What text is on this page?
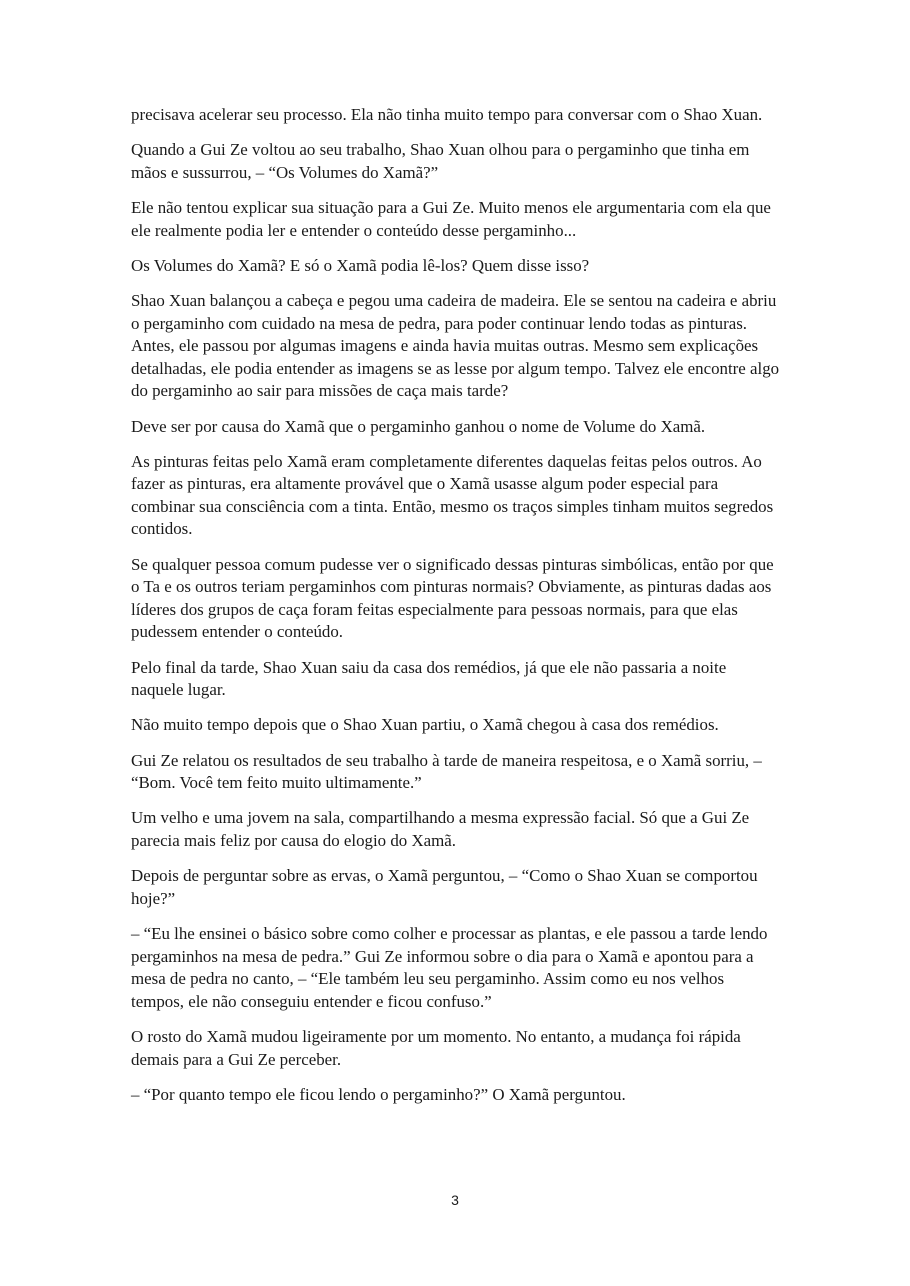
precisava acelerar seu processo. Ela não tinha muito tempo para conversar com o Shao Xuan.

Quando a Gui Ze voltou ao seu trabalho, Shao Xuan olhou para o pergaminho que tinha em mãos e sussurrou, – “Os Volumes do Xamã?”

Ele não tentou explicar sua situação para a Gui Ze. Muito menos ele argumentaria com ela que ele realmente podia ler e entender o conteúdo desse pergaminho...

Os Volumes do Xamã? E só o Xamã podia lê-los? Quem disse isso?

Shao Xuan balançou a cabeça e pegou uma cadeira de madeira. Ele se sentou na cadeira e abriu o pergaminho com cuidado na mesa de pedra, para poder continuar lendo todas as pinturas. Antes, ele passou por algumas imagens e ainda havia muitas outras. Mesmo sem explicações detalhadas, ele podia entender as imagens se as lesse por algum tempo. Talvez ele encontre algo do pergaminho ao sair para missões de caça mais tarde?

Deve ser por causa do Xamã que o pergaminho ganhou o nome de Volume do Xamã.

As pinturas feitas pelo Xamã eram completamente diferentes daquelas feitas pelos outros. Ao fazer as pinturas, era altamente provável que o Xamã usasse algum poder especial para combinar sua consciência com a tinta. Então, mesmo os traços simples tinham muitos segredos contidos.

Se qualquer pessoa comum pudesse ver o significado dessas pinturas simbólicas, então por que o Ta e os outros teriam pergaminhos com pinturas normais? Obviamente, as pinturas dadas aos líderes dos grupos de caça foram feitas especialmente para pessoas normais, para que elas pudessem entender o conteúdo.

Pelo final da tarde, Shao Xuan saiu da casa dos remédios, já que ele não passaria a noite naquele lugar.

Não muito tempo depois que o Shao Xuan partiu, o Xamã chegou à casa dos remédios.

Gui Ze relatou os resultados de seu trabalho à tarde de maneira respeitosa, e o Xamã sorriu, – “Bom. Você tem feito muito ultimamente.”

Um velho e uma jovem na sala, compartilhando a mesma expressão facial. Só que a Gui Ze parecia mais feliz por causa do elogio do Xamã.

Depois de perguntar sobre as ervas, o Xamã perguntou, – “Como o Shao Xuan se comportou hoje?”

– “Eu lhe ensinei o básico sobre como colher e processar as plantas, e ele passou a tarde lendo pergaminhos na mesa de pedra.” Gui Ze informou sobre o dia para o Xamã e apontou para a mesa de pedra no canto, – “Ele também leu seu pergaminho. Assim como eu nos velhos tempos, ele não conseguiu entender e ficou confuso.”

O rosto do Xamã mudou ligeiramente por um momento. No entanto, a mudança foi rápida demais para a Gui Ze perceber.

– “Por quanto tempo ele ficou lendo o pergaminho?” O Xamã perguntou.

3
